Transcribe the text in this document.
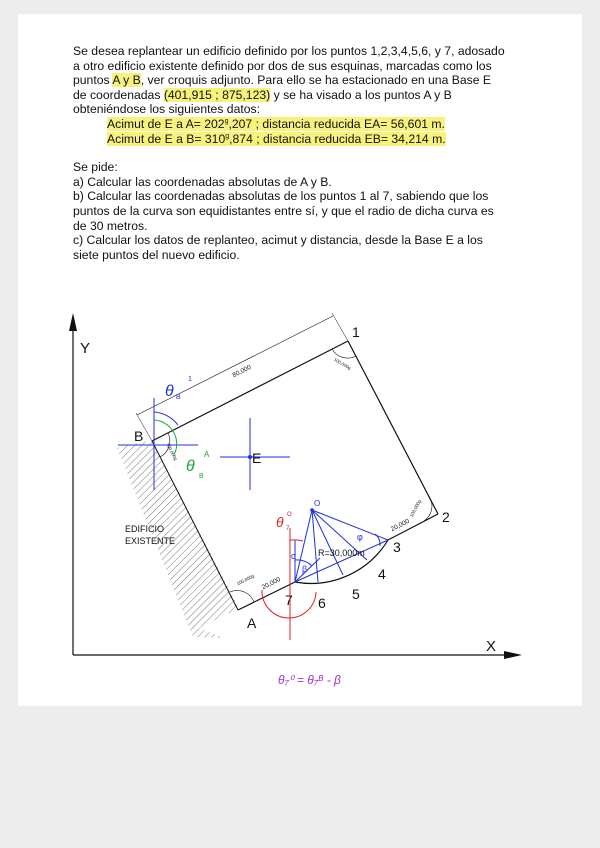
Se desea replantear un edificio definido por los puntos 1,2,3,4,5,6, y 7, adosado

a otro edificio existente definido por dos de sus esquinas, marcadas como los

puntos A y B, ver croquis adjunto. Para ello se ha estacionado en una Base E

de coordenadas (401,915 ; 875,123) y se ha visado a los puntos A y B

obteniéndose los siguientes datos:

Acimut de E a $A= 202^g,207$ ; distancia reducida EA= 56,601 m.

Acimut de E a $B= 310^g,874$ ; distancia reducida EB= 34,214 m.

Se pide:

a) Calcular las coordenadas absolutas de A y B.

b) Calcular las coordenadas absolutas de los puntos 1 al 7, sabiendo que los

puntos de la curva son equidistantes entre sí, y que el radio de dicha curva es

de 30 metros.

c) Calcular los datos de replanteo, acimut y distancia, desde la Base E a los

siete puntos del nuevo edificio.

Y
X
EDIFICIO
EXISTENTE
80,000
20,000
20,000
100,000g
100,000g
100,000g
100,000g
1
2
3
4
5
6
7
A
B
E
O
R=30,000m
θ B
1
θ
B
A
θ 7
O
α
β
φ
θ₇⁰ = θ₇ᴮ - β
